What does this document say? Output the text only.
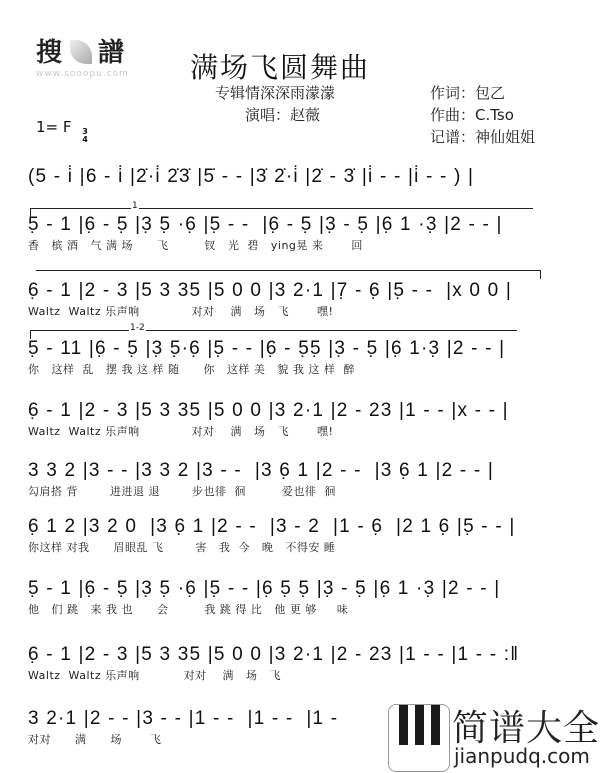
搜 譜
www.sooopu.com 满场飞圆舞曲
专辑情深深雨濛濛
演唱：赵薇
作词：包乙
作曲：C.Tso
记谱：神仙姐姐
1= F 3
4
(5 - i̇ |6 - i̇ |2̇·i̇ 2̇3̇ |5̇ - - |3̇ 2̇·i̇ |2̇ - 3̇ |i̇ - - |i̇ - - ) |
1
5̣ - 1 |6̣ - 5̣ |3̣ 5̣ ·6̣ |5̣ - -  |6̣ - 5̣ |3̣ - 5̣ |6̣ 1 ·3̣ |2 - - |
香   槟 酒   气 满 场      飞         钗   光  碧   ying晃 来       回
6̣ - 1 |2 - 3 |5 3 35 |5 0 0 |3 2·1 |7̣ - 6̣ |5̣ - -  |x 0 0 |
Waltz  Waltz 乐声响             对对    满   场   飞       嘿!
1-2
5̣ - 11 |6̣ - 5̣ |3̣ 5̣·6̣ |5̣ - - |6̣ - 5̣5̣ |3̣ - 5̣ |6̣ 1·3̣ |2 - - |
你   这样  乱   摆 我 这 样 随      你   这样 美   貌 我 这 样  醉
6̣ - 1 |2 - 3 |5 3 35 |5 0 0 |3 2·1 |2 - 23 |1 - - |x - - |
Waltz  Waltz 乐声响             对对    满   场   飞       嘿!
3 3 2 |3 - - |3 3 2 |3 - -  |3 6̣ 1 |2 - -  |3 6̣ 1 |2 - - |
勾肩搭 背        进进退 退        步也徘  徊         爱也徘  徊
6̣ 1 2 |3 2 0  |3 6̣ 1 |2 - -  |3 - 2  |1 - 6̣  |2 1 6̣ |5̣ - - |
你这样 对我      眉眼乱 飞        害   我  今   晚   不得安 睡
5̣ - 1 |6̣ - 5̣ |3̣ 5̣ ·6̣ |5̣ - - |6̣ 5̣ 5̣ |3̣ - 5̣ |6̣ 1 ·3̣ |2 - - |
他   们 跳   来 我 也      会         我 跳 得 比   他 更 够     味
6̣ - 1 |2 - 3 |5 3 35 |5 0 0 |3 2·1 |2 - 23 |1 - - |1 - - :‖
Waltz  Waltz 乐声响           对对    满   场   飞
3 2·1 |2 - - |3 - - |1 - -  |1 - -  |1 -
对对      满      场       飞	简谱大全
jianpudq.com
